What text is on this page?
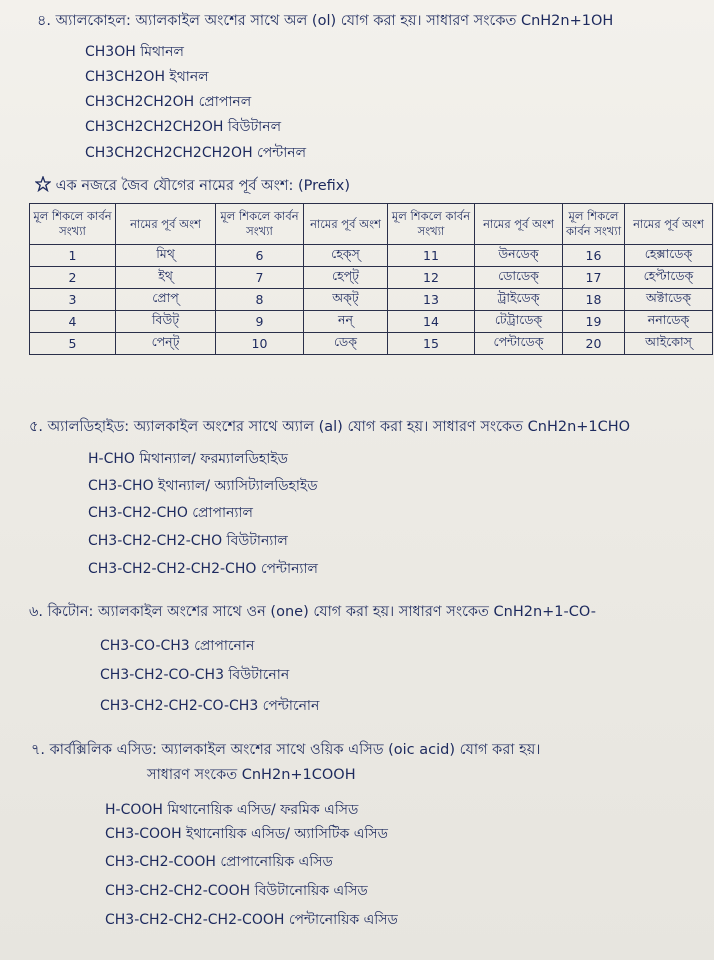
৪. অ্যালকোহল: অ্যালকাইল অংশের সাথে অল (ol) যোগ করা হয়। সাধারণ সংকেত CnH2n+1OH
CH3OH মিথানল
CH3CH2OH ইথানল
CH3CH2CH2OH প্রোপানল
CH3CH2CH2CH2OH বিউটানল
CH3CH2CH2CH2CH2OH পেন্টানল
এক নজরে জৈব যৌগের নামের পূর্ব অংশ: (Prefix)
মূল শিকলে কার্বন সংখ্যা	নামের পূর্ব অংশ	মূল শিকলে কার্বন সংখ্যা	নামের পূর্ব অংশ	মূল শিকলে কার্বন সংখ্যা	নামের পূর্ব অংশ	মূল শিকলে কার্বন সংখ্যা	নামের পূর্ব অংশ
1	মিথ্	6	হেক্স্	11	উনডেক্	16	হেক্সাডেক্
2	ইথ্	7	হেপ্ট্	12	ডোডেক্	17	হেপ্টাডেক্
3	প্রোপ্	8	অক্ট্	13	ট্রাইডেক্	18	অক্টাডেক্
4	বিউট্	9	নন্	14	টেট্রাডেক্	19	ননাডেক্
5	পেন্ট্	10	ডেক্	15	পেন্টাডেক্	20	আইকোস্
৫. অ্যালডিহাইড: অ্যালকাইল অংশের সাথে অ্যাল (al) যোগ করা হয়। সাধারণ সংকেত CnH2n+1CHO
H-CHO মিথান্যাল/ ফরম্যালডিহাইড
CH3-CHO ইথান্যাল/ অ্যাসিট্যালডিহাইড
CH3-CH2-CHO প্রোপান্যাল
CH3-CH2-CH2-CHO বিউটান্যাল
CH3-CH2-CH2-CH2-CHO পেন্টান্যাল
৬. কিটোন: অ্যালকাইল অংশের সাথে ওন (one) যোগ করা হয়। সাধারণ সংকেত CnH2n+1-CO-
CH3-CO-CH3 প্রোপানোন
CH3-CH2-CO-CH3 বিউটানোন
CH3-CH2-CH2-CO-CH3 পেন্টানোন
৭. কার্বক্সিলিক এসিড: অ্যালকাইল অংশের সাথে ওয়িক এসিড (oic acid) যোগ করা হয়।
সাধারণ সংকেত CnH2n+1COOH
H-COOH মিথানোয়িক এসিড/ ফরমিক এসিড
CH3-COOH ইথানোয়িক এসিড/ অ্যাসিটিক এসিড
CH3-CH2-COOH প্রোপানোয়িক এসিড
CH3-CH2-CH2-COOH বিউটানোয়িক এসিড
CH3-CH2-CH2-CH2-COOH পেন্টানোয়িক এসিড
